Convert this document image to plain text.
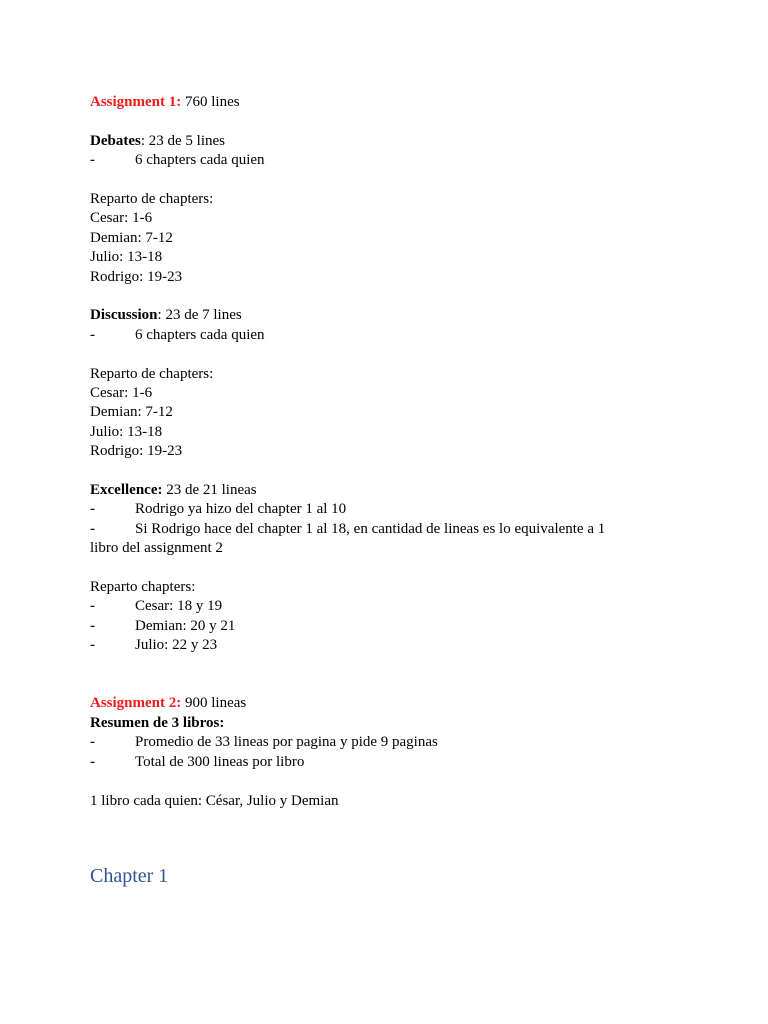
Assignment 1: 760 lines
Debates: 23 de 5 lines
-	6 chapters cada quien
Reparto de chapters:
Cesar: 1-6
Demian: 7-12
Julio: 13-18
Rodrigo: 19-23
Discussion: 23 de 7 lines
-	6 chapters cada quien
Reparto de chapters:
Cesar: 1-6
Demian: 7-12
Julio: 13-18
Rodrigo: 19-23
Excellence: 23 de 21 lineas
-	Rodrigo ya hizo del chapter 1 al 10
-	Si Rodrigo hace del chapter 1 al 18, en cantidad de lineas es lo equivalente a 1
libro del assignment 2
Reparto chapters:
-	Cesar: 18 y 19
-	Demian: 20 y 21
-	Julio: 22 y 23
Assignment 2: 900 lineas
Resumen de 3 libros:
-	Promedio de 33 lineas por pagina y pide 9 paginas
-	Total de 300 lineas por libro
1 libro cada quien: César, Julio y Demian
Chapter 1
